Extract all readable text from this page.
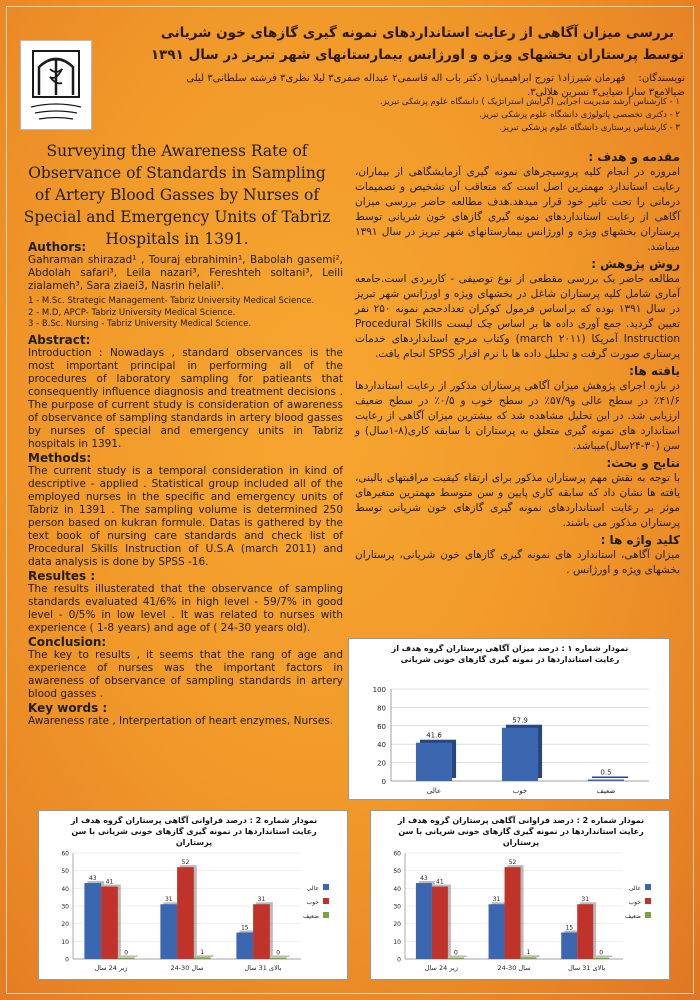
بررسی میزان آگاهی از رعایت استانداردهای نمونه گیری گازهای خون شریانی توسط پرستاران بخشهای ویژه و اورژانس بیمارستانهای شهر تبریز در سال ۱۳۹۱
نویسندگان: قهرمان شیرزاد۱ تورج ابراهیمیان۱ دکتر باب اله قاسمی۲ عبداله صفری۳ لیلا نظری۳ فرشته سلطانی۳ لیلی ضیالامع۳ سارا ضیایی۳ نسرین هلالی۳.
۱ - کارشناس ارشد مدیریت اجرایی (گرایش استراتژیک ) دانشگاه علوم پزشکی تبریز.
۲ - دکتری تخصصی پاتولوژی دانشگاه علوم پزشکی تبریز.
۳ - کارشناس پرستاری دانشگاه علوم پزشکی تبریز.
Surveying the Awareness Rate of Observance of Standards in Sampling of Artery Blood Gasses by Nurses of Special and Emergency Units of Tabriz Hospitals in 1391.
Authors:

Gahraman shirazad¹ , Touraj ebrahimin¹, Babolah gasemi², Abdolah safari³, Leila nazari³, Fereshteh soltani³, Leili zialameh³, Sara ziaei3, Nasrin helali³.

1 - M.Sc. Strategic Management- Tabriz University Medical Science.
2 - M.D, APCP- Tabriz University Medical Science.
3 - B.Sc. Nursing - Tabriz University Medical Science.
Abstract:

Introduction : Nowadays , standard observances is the most important principal in performing all of the procedures of laboratory sampling for patieants that consequently influence diagnosis and treatment decisions . The purpose of current study is consideration of awareness of observance of sampling standards in artery blood gasses by nurses of special and emergency units in Tabriz hospitals in 1391.

Methods:

The current study is a temporal consideration in kind of descriptive - applied . Statistical group included all of the employed nurses in the specific and emergency units of Tabriz in 1391 . The sampling volume is determined 250 person based on kukran formule. Datas is gathered by the text book of nursing care standards and check list of Procedural Skills Instruction of U.S.A (march 2011) and data analysis is done by SPSS -16.

Resultes :

The results illusterated that the observance of sampling standards evaluated 41/6% in high level - 59/7% in good level - 0/5% in low level . It was related to nurses with experience ( 1-8 years) and age of ( 24-30 years old).

Conclusion:

The key to results , it seems that the rang of age and experience of nurses was the important factors in awareness of observance of sampling standards in artery blood gasses .

Key words :

Awareness rate , Interpertation of heart enzymes, Nurses.

مقدمه و هدف :

امروزه در انجام کلیه پروسیجرهای نمونه گیری آزمایشگاهی از بیماران، رعایت استاندارد مهمترین اصل است که متعاقب آن تشخیص و تصمیمات درمانی را تحت تاثیر خود قرار میدهد.هدف مطالعه حاضر بررسی میزان آگاهی از رعایت استانداردهای نمونه گیری گازهای خون شریانی توسط پرستاران بخشهای ویژه و اورژانس بیمارستانهای شهر تبریز در سال ۱۳۹۱ میباشد.

روش پژوهش :

مطالعه حاضر یک بررسی مقطعی از نوع توصیفی - کاربردی است.جامعه آماری شامل کلیه پرستاران شاغل در بخشهای ویژه و اورژانس شهر تبریز در سال ۱۳۹۱ بوده که براساس فرمول کوکران تعدادحجم نمونه ۲۵۰ نفر تعیین گردید. جمع آوری داده ها بر اساس چک لیست Procedural Skills Instruction آمریکا (march ۲۰۱۱) وکتاب مرجع استانداردهای خدمات پرستاری صورت گرفت و تحلیل داده ها با نرم افزار SPSS انجام یافت.

یافته ها:

در بازه اجرای پژوهش میزان آگاهی پرستاران مذکور از رعایت استانداردها ۴۱/۶٪ در سطح عالی و۵۷/۹٪ در سطح خوب و ۰/۵٪ در سطح ضعیف ارزیابی شد. در این تحلیل مشاهده شد که بیشترین میزان آگاهی از رعایت استاندارد های نمونه گیری متعلق به پرستاران با سابقه کاری(۸-۱سال) و سن (۳۰-۲۴سال)میباشد.

نتایج و بحث:

با توجه به نقش مهم پرستاران مذکور برای ارتقاء کیفیت مراقبتهای بالینی، یافته ها نشان داد که سابقه کاری پایین و سن متوسط مهمترین متغیرهای موثر بر رعایت استانداردهای نمونه گیری گازهای خون شریانی توسط پرستاران مذکور می باشند.

کلید واژه ها :

میزان آگاهی، استاندارد های نمونه گیری گازهای خون شریانی، پرستاران بخشهای ویژه و اورژانس .

نمودار شماره ۱ : درصد میزان آگاهی پرستاران گروه هدف از رعایت استانداردها در نمونه گیری گازهای خونی شریانی
0
20
40
60
80
100
41.6
عالی
57.9
خوب
0.5
ضعیف
نمودار شماره 2 : درصد فراوانی آگاهی پرستاران گروه هدف از رعایت استانداردها در نمونه گیری گازهای خونی شریانی با سن پرستاران
0
10
20
30
40
50
60
43
41
0
زیر 24 سال
31
52
1
24-30 سال
15
31
0
بالای 31 سال
عالی
خوب
ضعیف
نمودار شماره 2 : درصد فراوانی آگاهی پرستاران گروه هدف از رعایت استانداردها در نمونه گیری گازهای خونی شریانی با سن پرستاران
0
10
20
30
40
50
60
43
41
0
زیر 24 سال
31
52
1
24-30 سال
15
31
0
بالای 31 سال
عالی
خوب
ضعیف
